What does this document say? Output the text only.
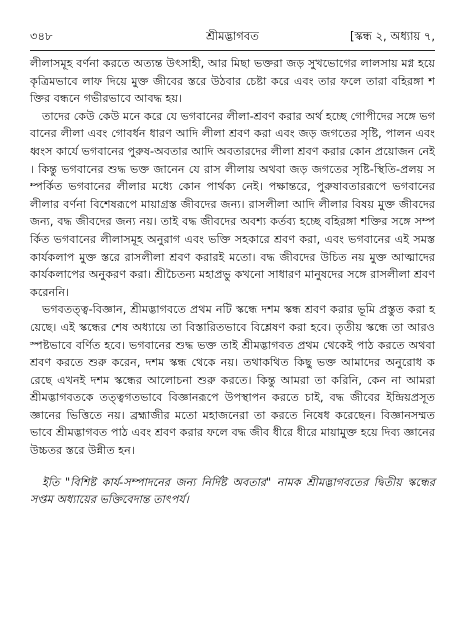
৩৪৮	শ্রীমদ্ভাগবত	[স্কন্ধ ২, অধ্যায় ৭,

লীলাসমূহ বর্ণনা করতে অত্যন্ত উৎসাহী, আর মিছা ভক্তরা জড় সুখভোগের লালসায় মগ্ন হয়ে কৃত্রিমভাবে লাফ দিয়ে মুক্ত জীবের স্তরে উঠবার চেষ্টা করে এবং তার ফলে তারা বহিরঙ্গা শক্তির বন্ধনে গভীরভাবে আবদ্ধ হয়।

তাদের কেউ কেউ মনে করে যে ভগবানের লীলা-শ্রবণ করার অর্থ হচ্ছে গোপীদের সঙ্গে ভগবানের লীলা এবং গোবর্ধন ধারণ আদি লীলা শ্রবণ করা এবং জড় জগতের সৃষ্টি, পালন এবং ধ্বংস কার্যে ভগবানের পুরুষ-অবতার আদি অবতারদের লীলা শ্রবণ করার কোন প্রয়োজন নেই। কিন্তু ভগবানের শুদ্ধ ভক্ত জানেন যে রাস লীলায় অথবা জড় জগতের সৃষ্টি-স্থিতি-প্রলয় সম্পর্কিত ভগবানের লীলার মধ্যে কোন পার্থক্য নেই। পক্ষান্তরে, পুরুষাবতাররূপে ভগবানের লীলার বর্ণনা বিশেষরূপে মায়াগ্রস্ত জীবদের জন্য। রাসলীলা আদি লীলার বিষয় মুক্ত জীবদের জন্য, বদ্ধ জীবদের জন্য নয়। তাই বদ্ধ জীবদের অবশ্য কর্তব্য হচ্ছে বহিরঙ্গা শক্তির সঙ্গে সম্পর্কিত ভগবানের লীলাসমূহ অনুরাগ এবং ভক্তি সহকারে শ্রবণ করা, এবং ভগবানের এই সমস্ত কার্যকলাপ মুক্ত স্তরে রাসলীলা শ্রবণ করারই মতো। বদ্ধ জীবদের উচিত নয় মুক্ত আত্মাদের কার্যকলাপের অনুকরণ করা। শ্রীচৈতন্য মহাপ্রভু কখনো সাধারণ মানুষদের সঙ্গে রাসলীলা শ্রবণ করেননি।

ভগবতত্ত্ব-বিজ্ঞান, শ্রীমদ্ভাগবতে প্রথম নটি স্কন্ধে দশম স্কন্ধ শ্রবণ করার ভূমি প্রস্তুত করা হয়েছে। এই স্কন্ধের শেষ অধ্যায়ে তা বিস্তারিতভাবে বিশ্লেষণ করা হবে। তৃতীয় স্কন্ধে তা আরও স্পষ্টভাবে বর্ণিত হবে। ভগবানের শুদ্ধ ভক্ত তাই শ্রীমদ্ভাগবত প্রথম থেকেই পাঠ করতে অথবা শ্রবণ করতে শুরু করেন, দশম স্কন্ধ থেকে নয়। তথাকথিত কিছু ভক্ত আমাদের অনুরোধ করেছে এখনই দশম স্কন্ধের আলোচনা শুরু করতে। কিন্তু আমরা তা করিনি, কেন না আমরা শ্রীমদ্ভাগবতকে তত্ত্বগতভাবে বিজ্ঞানরূপে উপস্থাপন করতে চাই, বদ্ধ জীবের ইন্দ্রিয়প্রসূত জ্ঞানের ভিত্তিতে নয়। ব্রহ্মাজীর মতো মহাজনেরা তা করতে নিষেধ করেছেন। বিজ্ঞানসম্মতভাবে শ্রীমদ্ভাগবত পাঠ এবং শ্রবণ করার ফলে বদ্ধ জীব ধীরে ধীরে মায়ামুক্ত হয়ে দিব্য জ্ঞানের উচ্চতর স্তরে উন্নীত হন।

ইতি "বিশিষ্ট কার্য-সম্পাদনের জন্য নির্দিষ্ট অবতার" নামক শ্রীমদ্ভাগবতের দ্বিতীয় স্কন্ধের সপ্তম অধ্যায়ের ভক্তিবেদান্ত তাৎপর্য।
